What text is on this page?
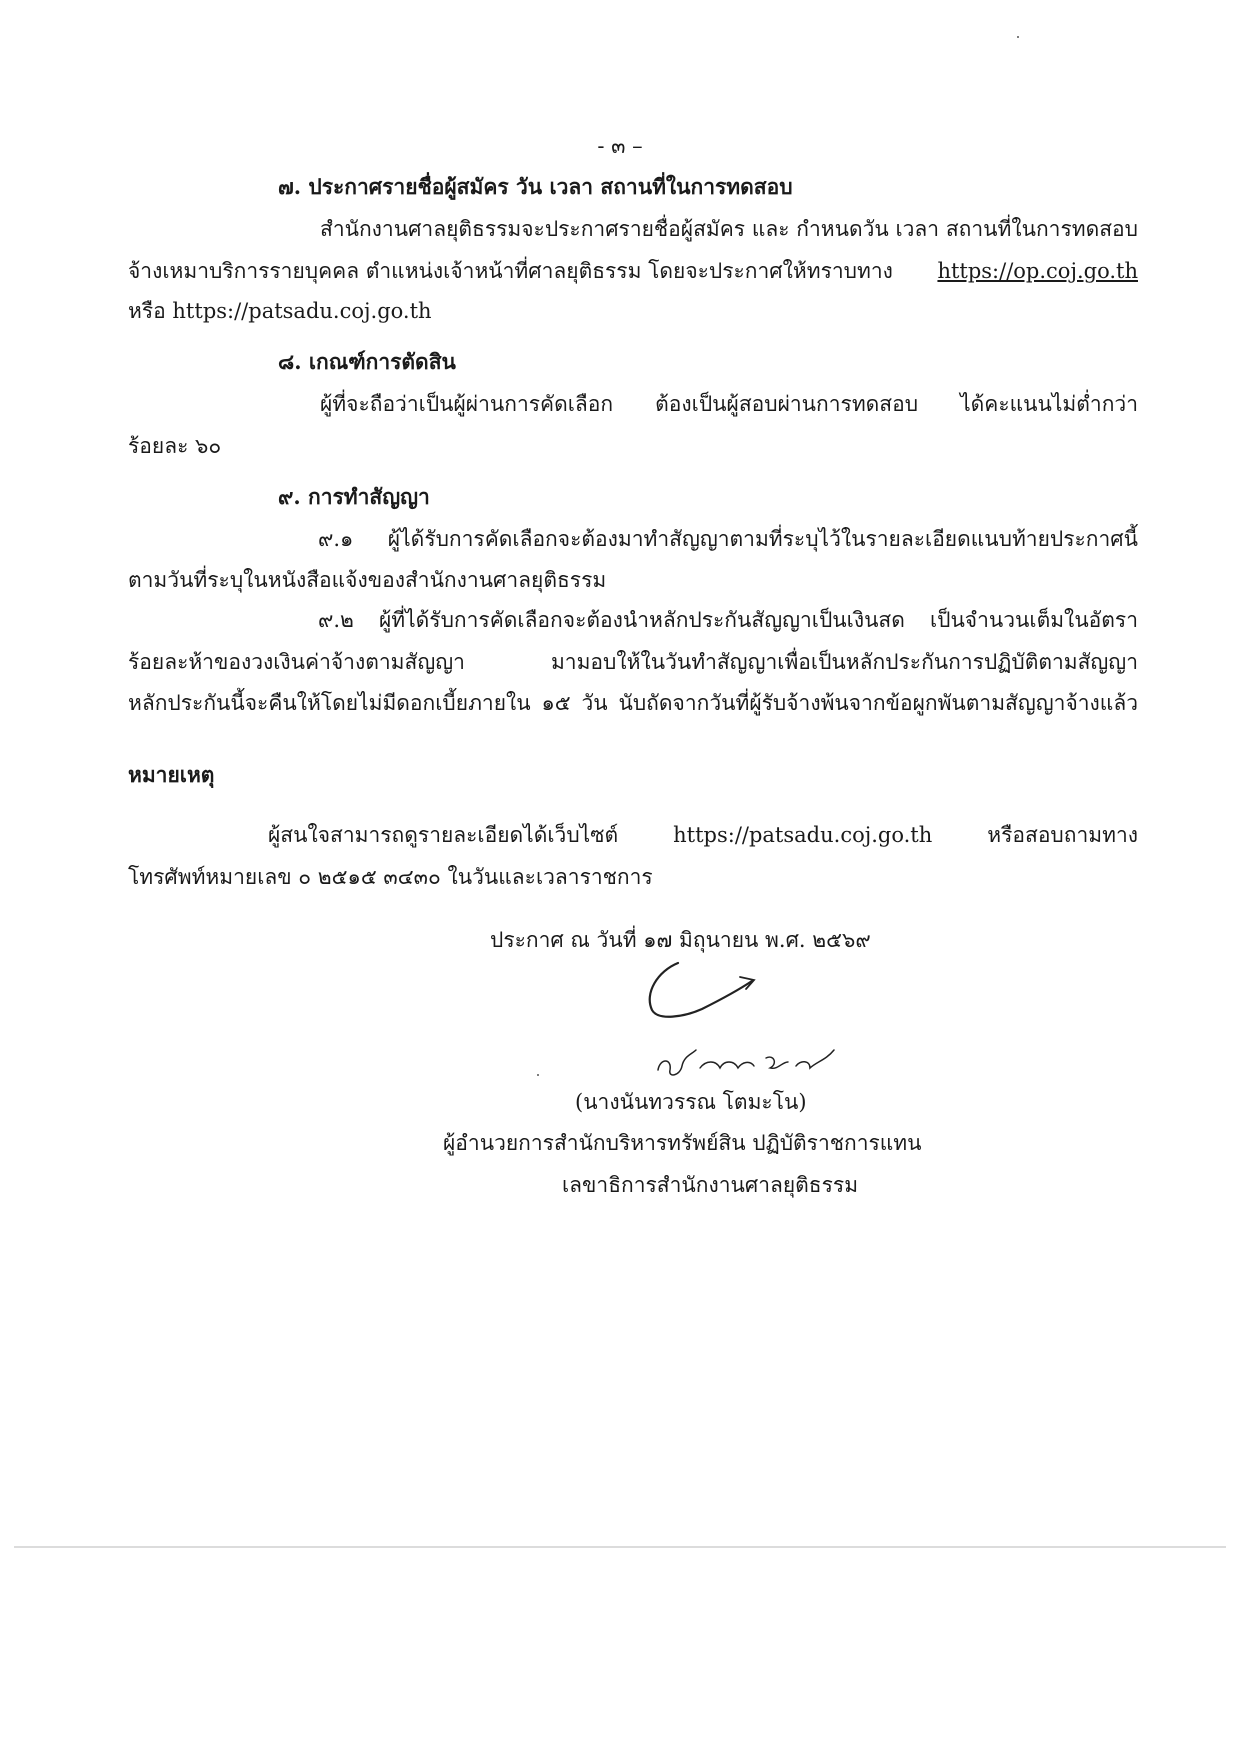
- ๓ –
๗. ประกาศรายชื่อผู้สมัคร วัน เวลา สถานที่ในการทดสอบ
สำนักงานศาลยุติธรรมจะประกาศรายชื่อผู้สมัคร และ กำหนดวัน เวลา สถานที่ในการทดสอบ
จ้างเหมาบริการรายบุคคล ตำแหน่งเจ้าหน้าที่ศาลยุติธรรม โดยจะประกาศให้ทราบทาง https://op.coj.go.th
หรือ https://patsadu.coj.go.th
๘. เกณฑ์การตัดสิน
ผู้ที่จะถือว่าเป็นผู้ผ่านการคัดเลือก ต้องเป็นผู้สอบผ่านการทดสอบ ได้คะแนนไม่ต่ำกว่า
ร้อยละ ๖๐
๙. การทำสัญญา
๙.๑ ผู้ได้รับการคัดเลือกจะต้องมาทำสัญญาตามที่ระบุไว้ในรายละเอียดแนบท้ายประกาศนี้
ตามวันที่ระบุในหนังสือแจ้งของสำนักงานศาลยุติธรรม
๙.๒ ผู้ที่ได้รับการคัดเลือกจะต้องนำหลักประกันสัญญาเป็นเงินสด เป็นจำนวนเต็มในอัตรา
ร้อยละห้าของวงเงินค่าจ้างตามสัญญา มามอบให้ในวันทำสัญญาเพื่อเป็นหลักประกันการปฏิบัติตามสัญญา
หลักประกันนี้จะคืนให้โดยไม่มีดอกเบี้ยภายใน ๑๕ วัน นับถัดจากวันที่ผู้รับจ้างพ้นจากข้อผูกพันตามสัญญาจ้างแล้ว
หมายเหตุ
ผู้สนใจสามารถดูรายละเอียดได้เว็บไซต์ https://patsadu.coj.go.th หรือสอบถามทาง
โทรศัพท์หมายเลข ๐ ๒๕๑๕ ๓๔๓๐ ในวันและเวลาราชการ
ประกาศ ณ วันที่ ๑๗ มิถุนายน พ.ศ. ๒๕๖๙
(นางนันทวรรณ โตมะโน)
ผู้อำนวยการสำนักบริหารทรัพย์สิน ปฏิบัติราชการแทน
เลขาธิการสำนักงานศาลยุติธรรม
